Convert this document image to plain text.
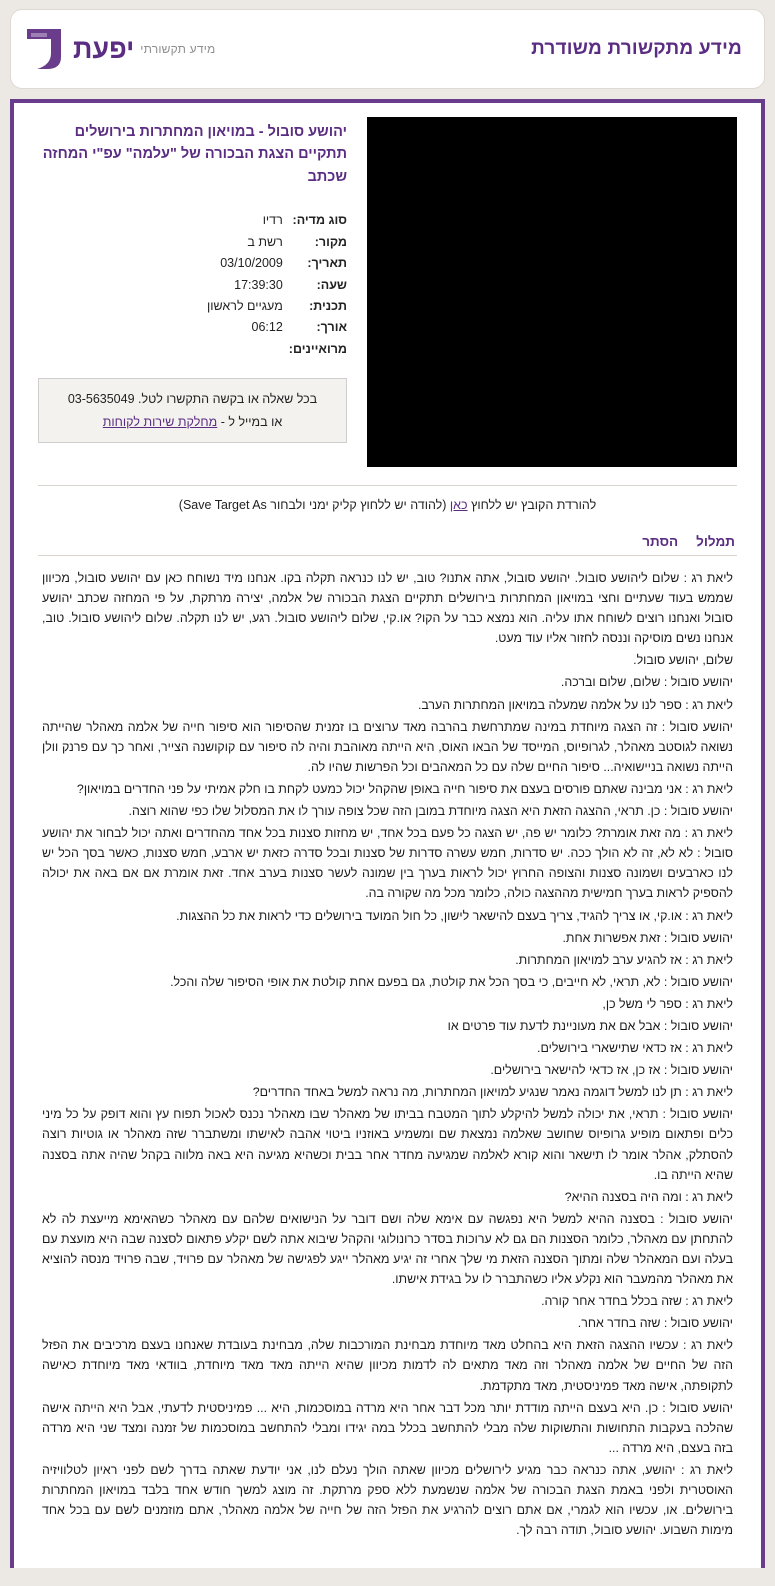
מידע מתקשורת משודרת
מידע תקשורתי
יפעת
יהושע סובול - במויאון המחתרות בירושלים תתקיים הצגת הבכורה של "עלמה" עפ"י המחזה שכתב
סוג מדיה:	רדיו
מקור:	רשת ב
תאריך:	03/10/2009
שעה:	17:39:30
תכנית:	מעגיים לראשון
אורך:	06:12
מרואיינים:	
בכל שאלה או בקשה התקשרו לטל. 03-5635049
או במייל ל - מחלקת שירות לקוחות
להורדת הקובץ יש ללחוץ כאן (להודה יש ללחוץ קליק ימני ולבחור Save Target As)
תמלול
הסתר

ליאת רג : שלום ליהושע סובול. יהושע סובול, אתה אתנו? טוב, יש לנו כנראה תקלה בקו. אנחנו מיד נשוחח כאן עם יהושע סובול, מכיוון שממש בעוד שעתיים וחצי במויאון המחתרות בירושלים תתקיים הצגת הבכורה של אלמה, יצירה מרתקת, על פי המחזה שכתב יהושע סובול ואנחנו רוצים לשוחח אתו עליה. הוא נמצא כבר על הקו? או.קי, שלום ליהושע סובול. רגע, יש לנו תקלה. שלום ליהושע סובול. טוב, אנחנו נשים מוסיקה וננסה לחזור אליו עוד מעט.

שלום, יהושע סובול.

יהושע סובול : שלום, שלום וברכה.

ליאת רג : ספר לנו על אלמה שמעלה במויאון המחתרות הערב.

יהושע סובול : זה הצגה מיוחדת במינה שמתרחשת בהרבה מאד ערוצים בו זמנית שהסיפור הוא סיפור חייה של אלמה מאהלר שהייתה נשואה לגוסטב מאהלר, לגרופיוס, המייסד של הבאו האוס, היא הייתה מאוהבת והיה לה סיפור עם קוקושנה הצייר, ואחר כך עם פרנק וולן הייתה נשואה בניישואיה... סיפור החיים שלה עם כל המאהבים וכל הפרשות שהיו לה.

ליאת רג : אני מבינה שאתם פורסים בעצם את סיפור חייה באופן שהקהל יכול כמעט לקחת בו חלק אמיתי על פני החדרים במויאון?

יהושע סובול : כן. תראי, ההצגה הזאת היא הצגה מיוחדת במובן הזה שכל צופה עורך לו את המסלול שלו כפי שהוא רוצה.

ליאת רג : מה זאת אומרת? כלומר יש פה, יש הצגה כל פעם בכל אחד, יש מחזות סצנות בכל אחד מהחדרים ואתה יכול לבחור את יהושע סובול : לא לא, זה לא הולך ככה. יש סדרות, חמש עשרה סדרות של סצנות ובכל סדרה כזאת יש ארבע, חמש סצנות, כאשר בסך הכל יש לנו כארבעים ושמונה סצנות והצופה החרוץ יכול לראות בערך בין שמונה לעשר סצנות בערב אחד. זאת אומרת אם אם באה את יכולה להספיק לראות בערך חמישית מההצגה כולה, כלומר מכל מה שקורה בה.

ליאת רג : או.קי, או צריך להגיד, צריך בעצם להישאר לישון, כל חול המועד בירושלים כדי לראות את כל ההצגות.

יהושע סובול : זאת אפשרות אחת.

ליאת רג : אז להגיע ערב למויאון המחתרות.

יהושע סובול : לא, תראי, לא חייבים, כי בסך הכל את קולטת, גם בפעם אחת קולטת את אופי הסיפור שלה והכל.

ליאת רג : ספר לי משל כן,

יהושע סובול : אבל אם את מעוניינת לדעת עוד פרטים או

ליאת רג : אז כדאי שתישארי בירושלים.

יהושע סובול : אז כן, אז כדאי להישאר בירושלים.

ליאת רג : תן לנו למשל דוגמה נאמר שנגיע למויאון המחתרות, מה נראה למשל באחד החדרים?

יהושע סובול : תראי, את יכולה למשל להיקלע לתוך המטבח בביתו של מאהלר שבו מאהלר נכנס לאכול תפוח עץ והוא דופק על כל מיני כלים ופתאום מופיע גרופיוס שחושב שאלמה נמצאת שם ומשמיע באוזניו ביטוי אהבה לאישתו ומשתברר שזה מאהלר או גוטיות רוצה להסתלק, אהלר אומר לו תישאר והוא קורא לאלמה שמגיעה מחדר אחר בבית וכשהיא מגיעה היא באה מלווה בקהל שהיה אתה בסצנה שהיא הייתה בו.

ליאת רג : ומה היה בסצנה ההיא?

יהושע סובול : בסצנה ההיא למשל היא נפגשה עם אימא שלה ושם דובר על הנישואים שלהם עם מאהלר כשהאימא מייעצת לה לא להתחתן עם מאהלר, כלומר הסצנות הם גם לא ערוכות בסדר כרונולוגי והקהל שיבוא אתה לשם יקלע פתאום לסצנה שבה היא מועצת עם בעלה ועם המאהלר שלה ומתוך הסצנה הזאת מי שלך אחרי זה יגיע מאהלר ייגע לפגישה של מאהלר עם פרויד, שבה פרויד מנסה להוציא את מאהלר מהמעבר הוא נקלע אליו כשהתברר לו על בגידת אישתו.

ליאת רג : שזה בכלל בחדר אחר קורה.

יהושע סובול : שזה בחדר אחר.

ליאת רג : עכשיו ההצגה הזאת היא בהחלט מאד מיוחדת מבחינת המורכבות שלה, מבחינת בעובדת שאנחנו בעצם מרכיבים את הפזל הזה של החיים של אלמה מאהלר וזה מאד מתאים לה לדמות מכיוון שהיא הייתה מאד מאד מיוחדת, בוודאי מאד מיוחדת כאישה לתקופתה, אישה מאד פמיניסטית, מאד מתקדמת.

יהושע סובול : כן. היא בעצם הייתה מודדת יותר מכל דבר אחר היא מרדה במוסכמות, היא ... פמיניסטית לדעתי, אבל היא הייתה אישה שהלכה בעקבות התחושות והתשוקות שלה מבלי להתחשב בכלל במה יגידו ומבלי להתחשב במוסכמות של זמנה ומצד שני היא מרדה בזה בעצם, היא מרדה ...

ליאת רג : יהושע, אתה כנראה כבר מגיע לירושלים מכיוון שאתה הולך נעלם לנו, אני יודעת שאתה בדרך לשם לפני ראיון לטלוויזיה האוסטרית ולפני באמת הצגת הבכורה של אלמה שנשמעת ללא ספק מרתקת. זה מוצג למשך חודש אחד בלבד במויאון המחתרות בירושלים. או, עכשיו הוא לגמרי, אם אתם רוצים להרגיע את הפזל הזה של חייה של אלמה מאהלר, אתם מוזמנים לשם עם בכל אחד מימות השבוע. יהושע סובול, תודה רבה לך.
